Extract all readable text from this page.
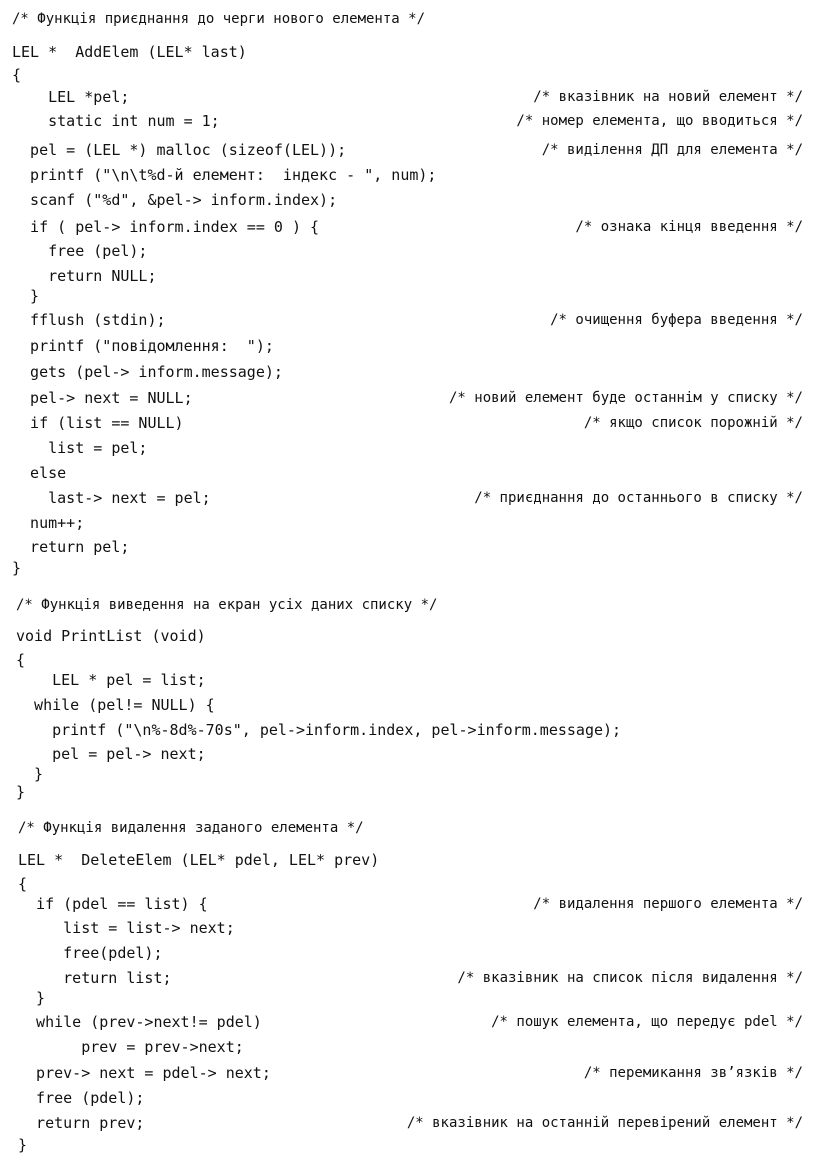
/* Функція приєднання до черги нового елемента */
LEL *  AddElem (LEL* last)
{
LEL *pel;	/* вказівник на новий елемент */
static int num = 1;	/* номер елемента, що вводиться */
pel = (LEL *) malloc (sizeof(LEL));	/* виділення ДП для елемента */
printf ("\n\t%d-й елемент:  індекс - ", num);
scanf ("%d", &pel-> inform.index);
if ( pel-> inform.index == 0 ) {	/* ознака кінця введення */
free (pel);
return NULL;
}
fflush (stdin);	/* очищення буфера введення */
printf ("повідомлення:  ");
gets (pel-> inform.message);
pel-> next = NULL;	/* новий елемент буде останнім у списку */
if (list == NULL)	/* якщо список порожній */
list = pel;
else
last-> next = pel;	/* приєднання до останнього в списку */
num++;
return pel;
}
/* Функція виведення на екран усіх даних списку */
void PrintList (void)
{
LEL * pel = list;
while (pel!= NULL) {
printf ("\n%-8d%-70s", pel->inform.index, pel->inform.message);
pel = pel-> next;
}
}
/* Функція видалення заданого елемента */
LEL *  DeleteElem (LEL* pdel, LEL* prev)
{
if (pdel == list) {	/* видалення першого елемента */
list = list-> next;
free(pdel);
return list;	/* вказівник на список після видалення */
}
while (prev->next!= pdel)	/* пошук елемента, що передує pdel */
prev = prev->next;
prev-> next = pdel-> next;	/* перемикання зв’язків */
free (pdel);
return prev;	/* вказівник на останній перевірений елемент */
}
